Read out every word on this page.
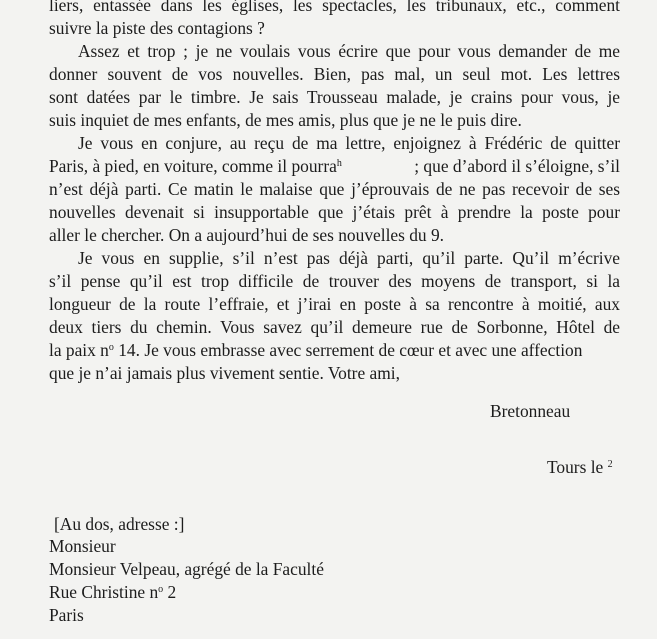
liers, entassée dans les églises, les spectacles, les tribunaux, etc., comment
suivre la piste des contagions ?
Assez et trop ; je ne voulais vous écrire que pour vous demander de me
donner souvent de vos nouvelles. Bien, pas mal, un seul mot. Les lettres
sont datées par le timbre. Je sais Trousseau malade, je crains pour vous, je
suis inquiet de mes enfants, de mes amis, plus que je ne le puis dire.
Je vous en conjure, au reçu de ma lettre, enjoignez à Frédéric de quitter
Paris, à pied, en voiture, comme il pourra$^h$	; que d’abord il s’éloigne, s’il
n’est déjà parti. Ce matin le malaise que j’éprouvais de ne pas recevoir de ses
nouvelles devenait si insupportable que j’étais prêt à prendre la poste pour
aller le chercher. On a aujourd’hui de ses nouvelles du 9.
Je vous en supplie, s’il n’est pas déjà parti, qu’il parte. Qu’il m’écrive
s’il pense qu’il est trop difficile de trouver des moyens de transport, si la
longueur de la route l’effraie, et j’irai en poste à sa rencontre à moitié, aux
deux tiers du chemin. Vous savez qu’il demeure rue de Sorbonne, Hôtel de
la paix $n^o$ 14. Je vous embrasse avec serrement de cœur et avec une affection
que je n’ai jamais plus vivement sentie. Votre ami,
Bretonneau
Tours le $^2$
[Au dos, adresse :]
Monsieur
Monsieur Velpeau, agrégé de la Faculté
Rue Christine $n^o$ 2
Paris
